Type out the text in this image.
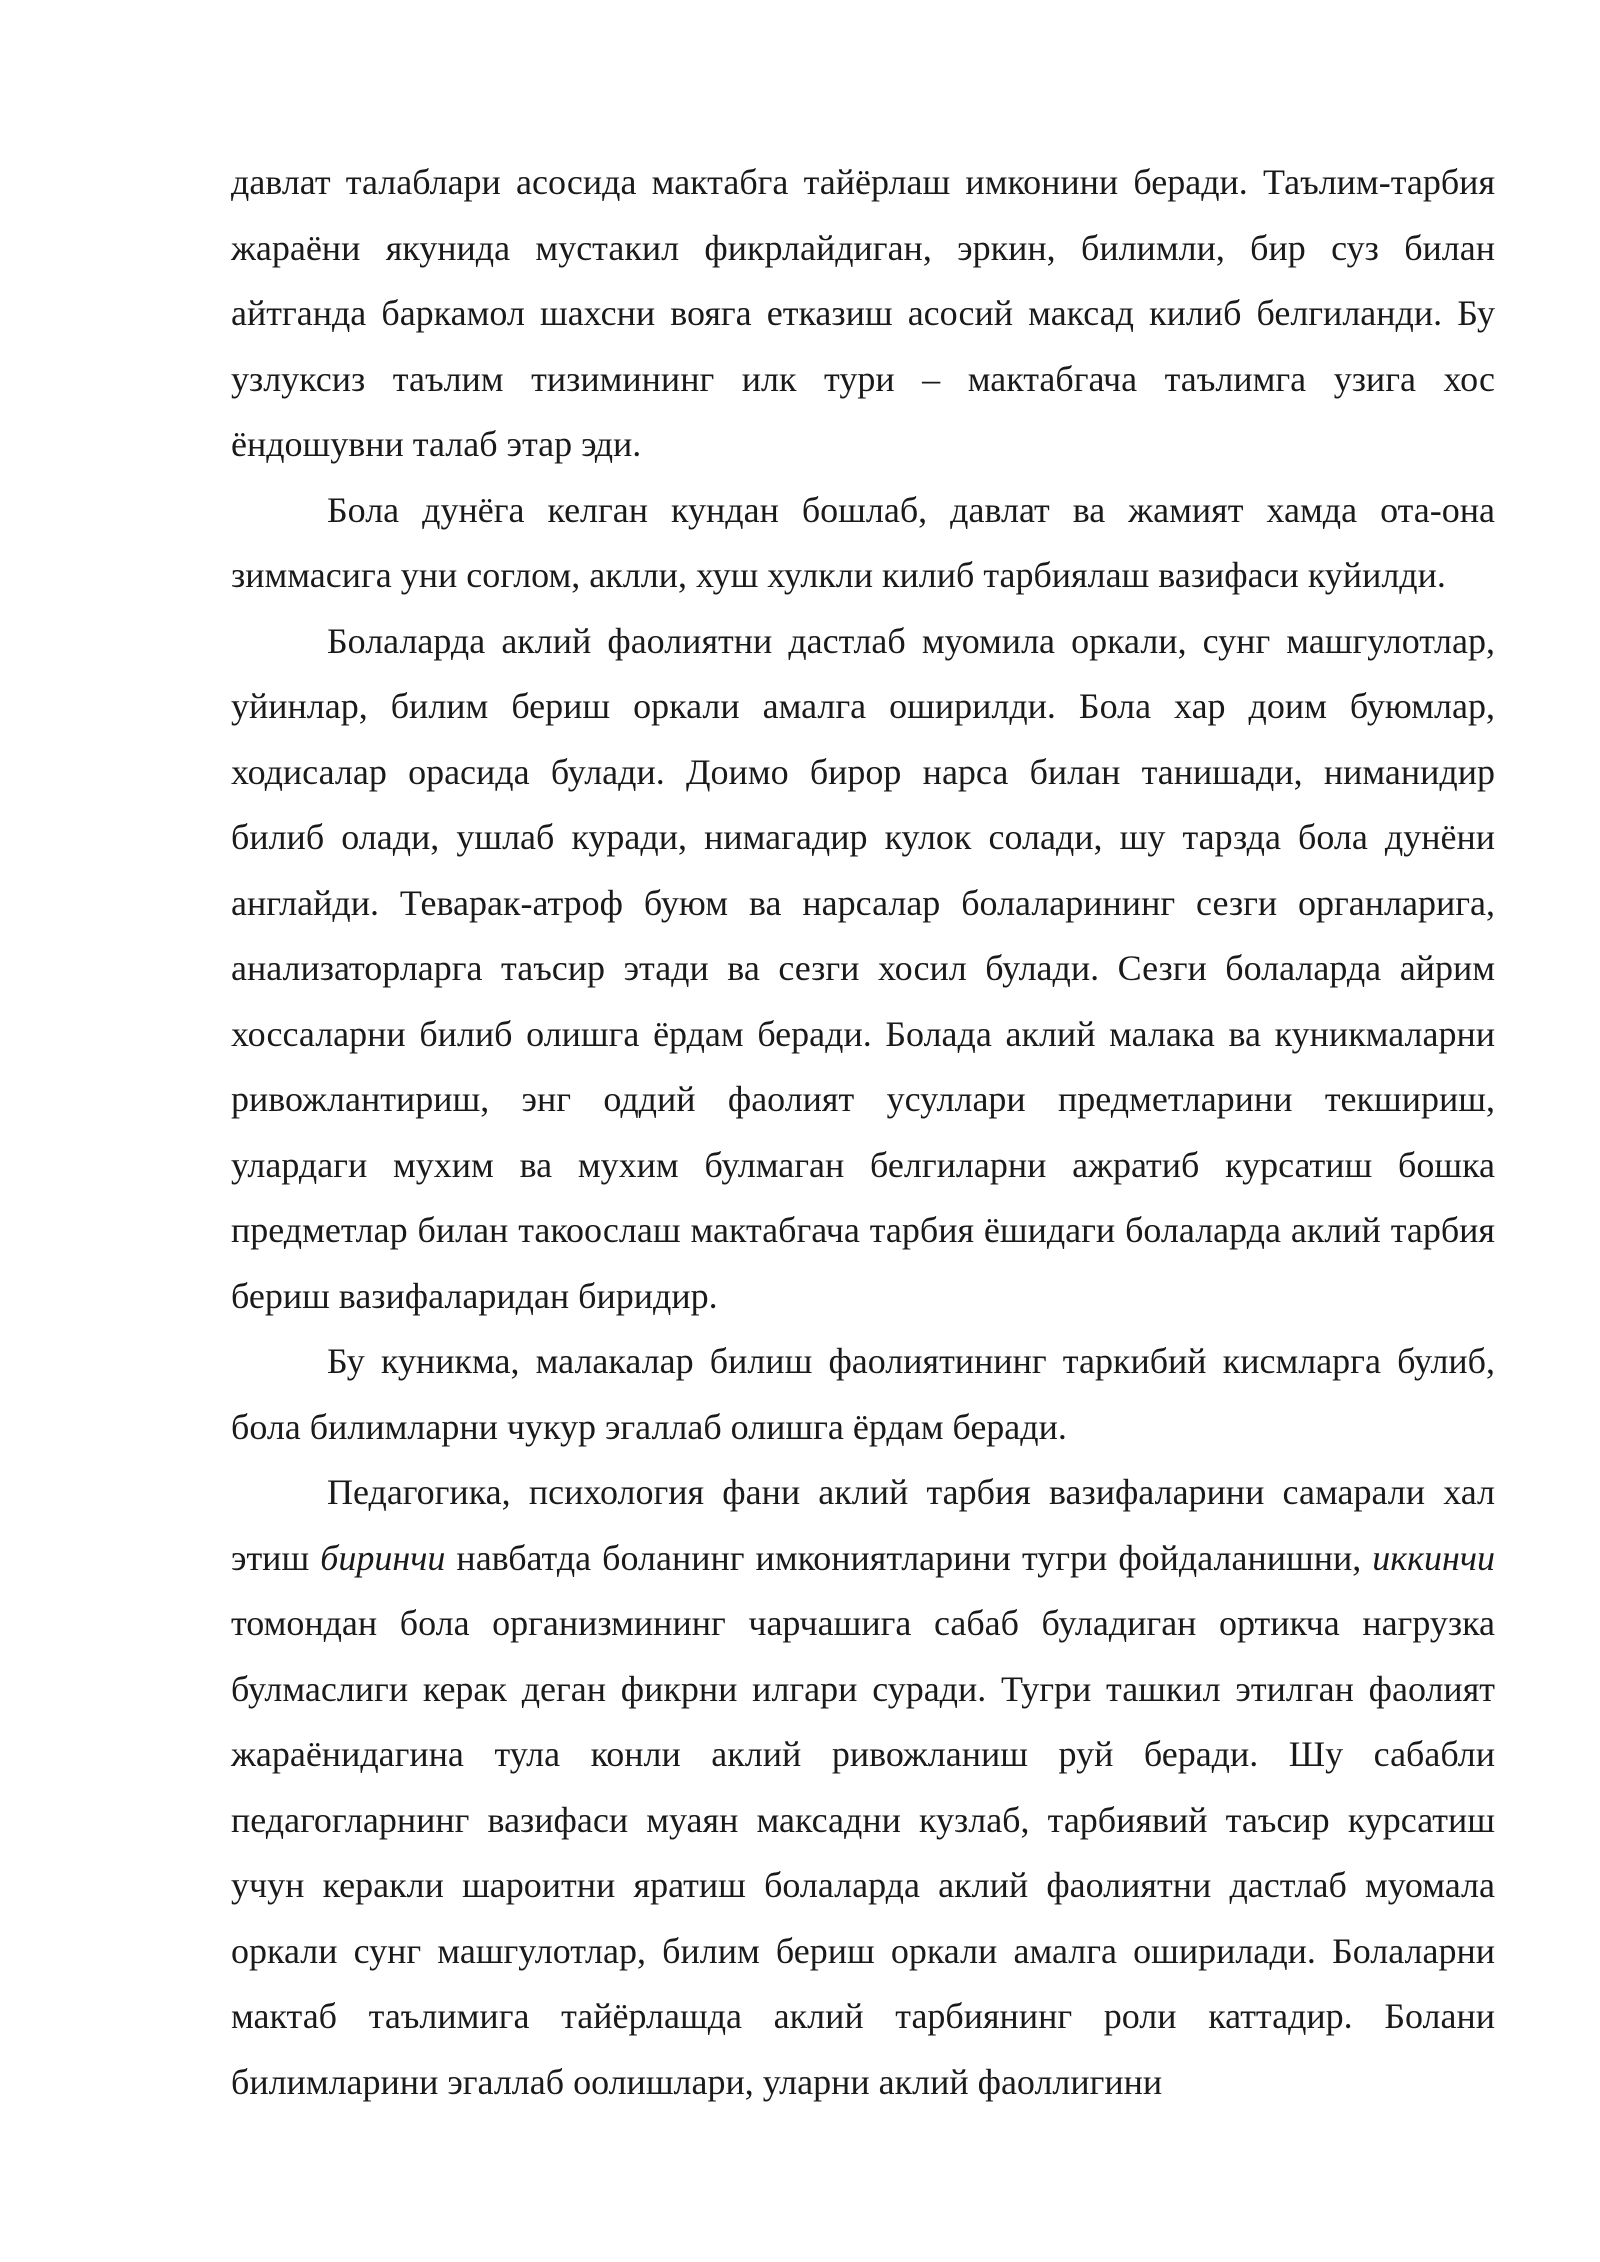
давлат талаблари асосида мактабга тайёрлаш имконини беради. Таълим-тарбия жараёни якунида мустакил фикрлайдиган, эркин, билимли, бир суз билан айтганда баркамол шахсни вояга етказиш асосий максад килиб белгиланди. Бу узлуксиз таълим тизимининг илк тури – мактабгача таълимга узига хос ёндошувни талаб этар эди.

Бола дунёга келган кундан бошлаб, давлат ва жамият хамда ота-она зиммасига уни соглом, аклли, хуш хулкли килиб тарбиялаш вазифаси куйилди.

Болаларда аклий фаолиятни дастлаб муомила оркали, сунг машгулотлар, уйинлар, билим бериш оркали амалга оширилди. Бола хар доим буюмлар, ходисалар орасида булади. Доимо бирор нарса билан танишади, ниманидир билиб олади, ушлаб куради, нимагадир кулок солади, шу тарзда бола дунёни англайди. Теварак-атроф буюм ва нарсалар болаларининг сезги органларига, анализаторларга таъсир этади ва сезги хосил булади. Сезги болаларда айрим хоссаларни билиб олишга ёрдам беради. Болада аклий малака ва куникмаларни ривожлантириш, энг оддий фаолият усуллари предметларини текшириш, улардаги мухим ва мухим булмаган белгиларни ажратиб курсатиш бошка предметлар билан такоослаш мактабгача тарбия ёшидаги болаларда аклий тарбия бериш вазифаларидан биридир.

Бу куникма, малакалар билиш фаолиятининг таркибий кисмларга булиб, бола билимларни чукур эгаллаб олишга ёрдам беради.

Педагогика, психология фани аклий тарбия вазифаларини самарали хал этиш биринчи навбатда боланинг имкониятларини тугри фойдаланишни, иккинчи томондан бола организмининг чарчашига сабаб буладиган ортикча нагрузка булмаслиги керак деган фикрни илгари суради. Тугри ташкил этилган фаолият жараёнидагина тула конли аклий ривожланиш руй беради. Шу сабабли педагогларнинг вазифаси муаян максадни кузлаб, тарбиявий таъсир курсатиш учун керакли шароитни яратиш болаларда аклий фаолиятни дастлаб муомала оркали сунг машгулотлар, билим бериш оркали амалга оширилади. Болаларни мактаб таълимига тайёрлашда аклий тарбиянинг роли каттадир. Болани билимларини эгаллаб оолишлари, уларни аклий фаоллигини
